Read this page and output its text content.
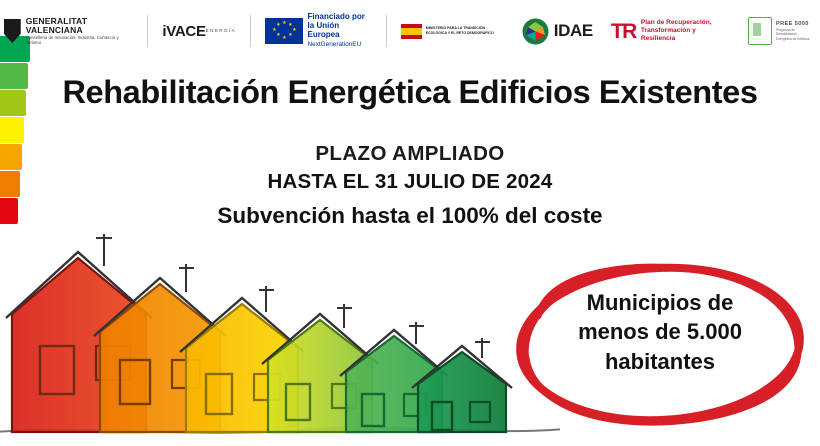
GENERALITAT
VALENCIANA
Conselleria de Innovación, Industria, Comercio y Turismo
iVACE ENERGÍA
★ ★
★
★
★
★
★
★
Financiado por
la Unión Europea
NextGenerationEU
MINISTERIO PARA LA TRANSICIÓN ECOLÓGICA Y EL RETO DEMOGRÁFICO	IDAE TR Plan de Recuperación,
Transformación y Resiliencia
PREE 5000
Programa de Rehabilitación
Energética de Edificios
Rehabilitación Energética Edificios Existentes
PLAZO AMPLIADO
HASTA EL 31 JULIO DE 2024
Subvención hasta el 100% del coste
Municipios de
menos de 5.000
habitantes
